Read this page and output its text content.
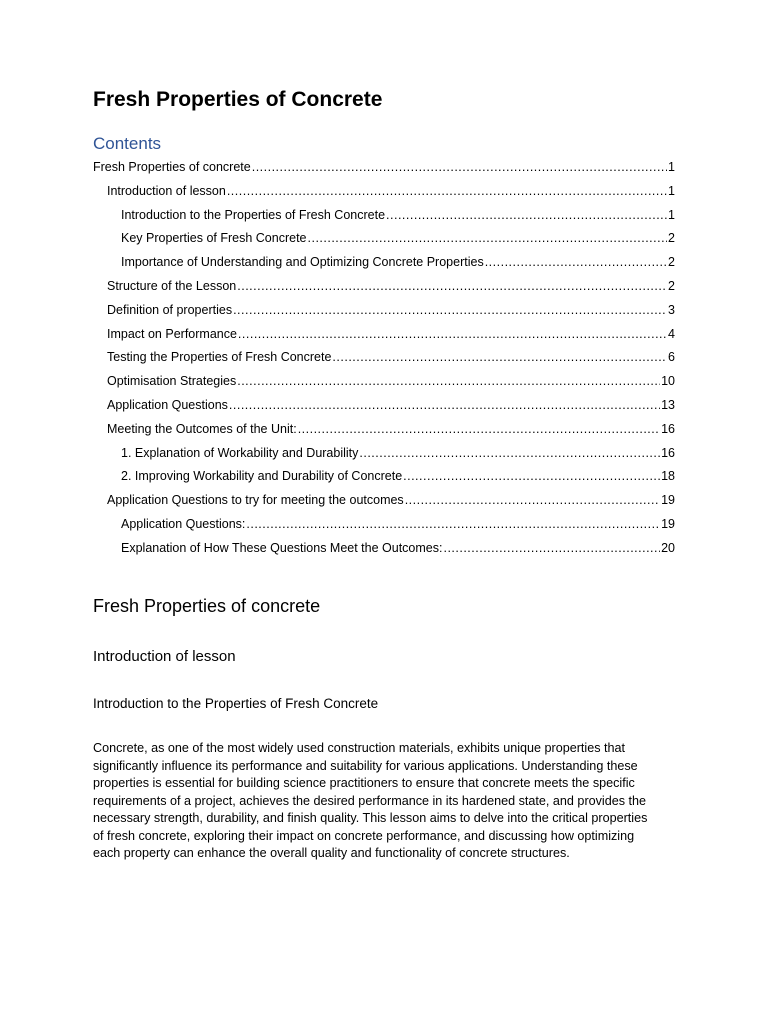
Fresh Properties of Concrete
Contents
Fresh Properties of concrete .....	1
Introduction of lesson .....	1
Introduction to the Properties of Fresh Concrete .....	1
Key Properties of Fresh Concrete .....	2
Importance of Understanding and Optimizing Concrete Properties .....	2
Structure of the Lesson .....	2
Definition of properties .....	3
Impact on Performance .....	4
Testing the Properties of Fresh Concrete .....	6
Optimisation Strategies .....	10
Application Questions .....	13
Meeting the Outcomes of the Unit: .....	16
1. Explanation of Workability and Durability .....	16
2. Improving Workability and Durability of Concrete .....	18
Application Questions to try for meeting the outcomes .....	19
Application Questions: .....	19
Explanation of How These Questions Meet the Outcomes: .....	20
Fresh Properties of concrete
Introduction of lesson
Introduction to the Properties of Fresh Concrete
Concrete, as one of the most widely used construction materials, exhibits unique properties that
significantly influence its performance and suitability for various applications. Understanding these
properties is essential for building science practitioners to ensure that concrete meets the specific
requirements of a project, achieves the desired performance in its hardened state, and provides the
necessary strength, durability, and finish quality. This lesson aims to delve into the critical properties
of fresh concrete, exploring their impact on concrete performance, and discussing how optimizing
each property can enhance the overall quality and functionality of concrete structures.
